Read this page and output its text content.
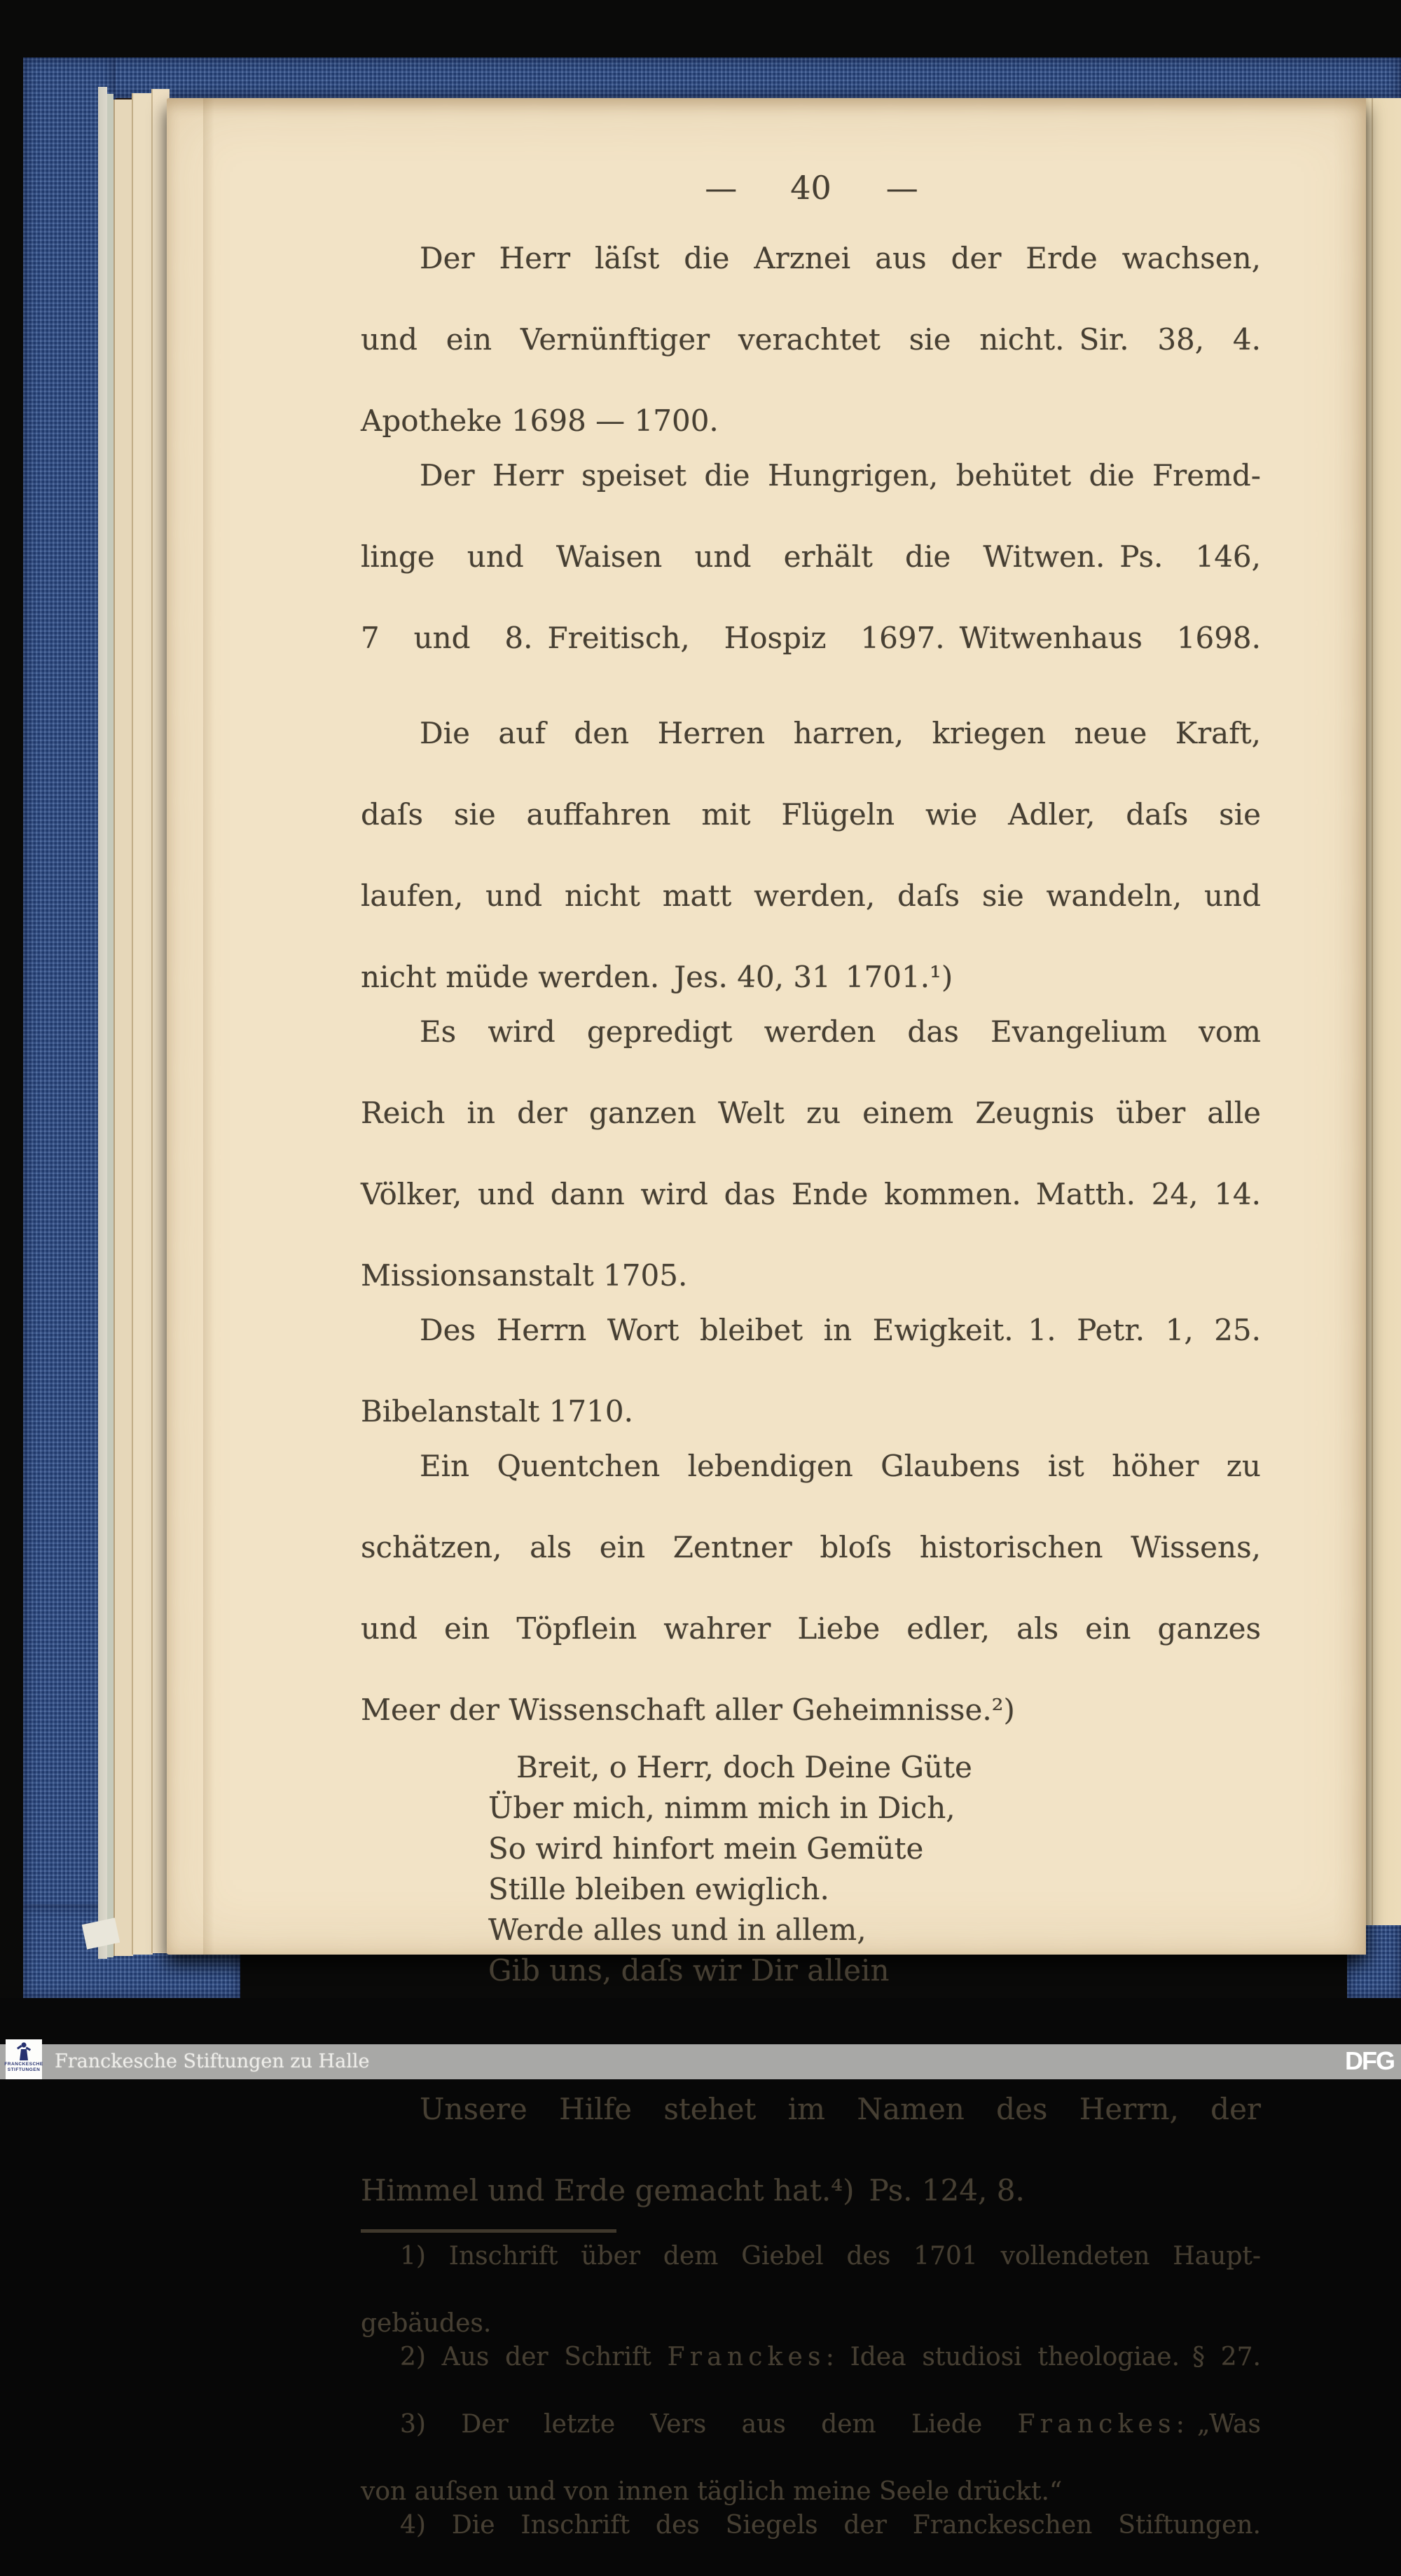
— 40 —
Der Herr läſst die Arznei aus der Erde wachsen,
und ein Vernünftiger verachtet sie nicht. Sir. 38, 4.
Apotheke 1698 — 1700.
Der Herr speiset die Hungrigen, behütet die Fremd-
linge und Waisen und erhält die Witwen. Ps. 146,
7 und 8. Freitisch, Hospiz 1697. Witwenhaus 1698.
Die auf den Herren harren, kriegen neue Kraft,
daſs sie auffahren mit Flügeln wie Adler, daſs sie
laufen, und nicht matt werden, daſs sie wandeln, und
nicht müde werden. Jes. 40, 31 1701.¹)
Es wird gepredigt werden das Evangelium vom
Reich in der ganzen Welt zu einem Zeugnis über alle
Völker, und dann wird das Ende kommen. Matth. 24, 14.
Missionsanstalt 1705.
Des Herrn Wort bleibet in Ewigkeit. 1. Petr. 1, 25.
Bibelanstalt 1710.
Ein Quentchen lebendigen Glaubens ist höher zu
schätzen, als ein Zentner bloſs historischen Wissens,
und ein Töpflein wahrer Liebe edler, als ein ganzes
Meer der Wissenschaft aller Geheimnisse.²)
Breit, o Herr, doch Deine Güte
Über mich, nimm mich in Dich,
So wird hinfort mein Gemüte
Stille bleiben ewiglich.
Werde alles und in allem,
Gib uns, daſs wir Dir allein
Unsere Hilfe stehet im Namen des Herrn, der
Himmel und Erde gemacht hat.⁴) Ps. 124, 8.
1) Inschrift über dem Giebel des 1701 vollendeten Haupt-
gebäudes.
2) Aus der Schrift F r a n c k e s : Idea studiosi theologiae. § 27.
3) Der letzte Vers aus dem Liede F r a n c k e s : „Was
von auſsen und von innen täglich meine Seele drückt.“
4) Die Inschrift des Siegels der Franckeschen Stiftungen.
FRANCKESCHE
STIFTUNGEN Franckesche Stiftungen zu Halle	DFG
